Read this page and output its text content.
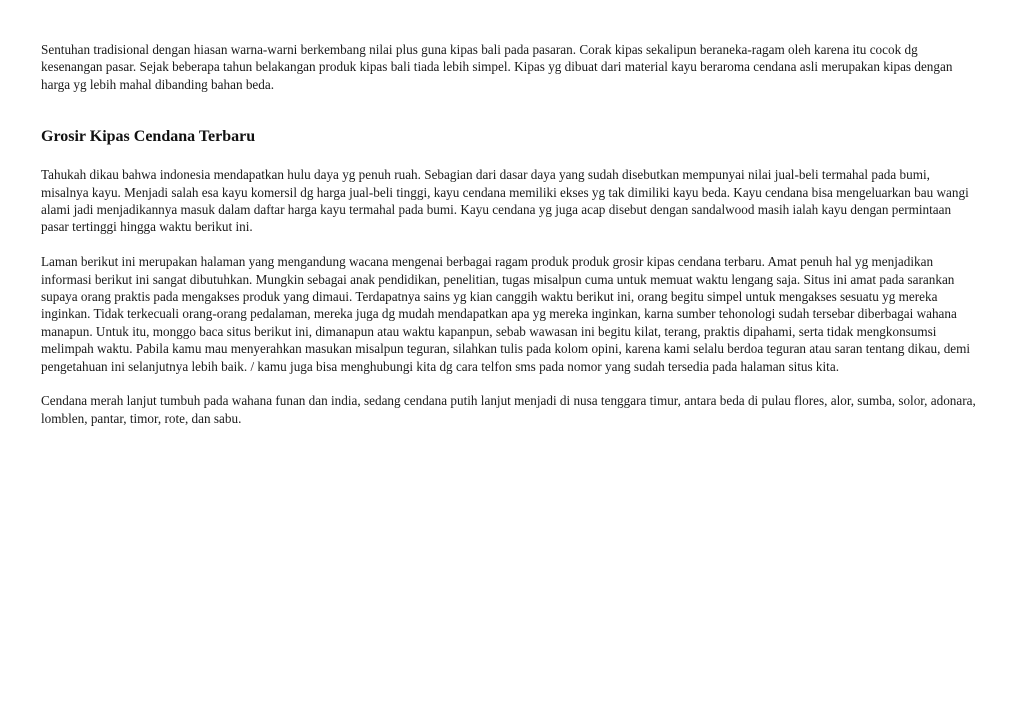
Sentuhan tradisional dengan hiasan warna-warni berkembang nilai plus guna kipas bali pada pasaran. Corak kipas sekalipun beraneka-ragam oleh karena itu cocok dg kesenangan pasar. Sejak beberapa tahun belakangan produk kipas bali tiada lebih simpel. Kipas yg dibuat dari material kayu beraroma cendana asli merupakan kipas dengan harga yg lebih mahal dibanding bahan beda.

Grosir Kipas Cendana Terbaru

Tahukah dikau bahwa indonesia mendapatkan hulu daya yg penuh ruah. Sebagian dari dasar daya yang sudah disebutkan mempunyai nilai jual-beli termahal pada bumi, misalnya kayu. Menjadi salah esa kayu komersil dg harga jual-beli tinggi, kayu cendana memiliki ekses yg tak dimiliki kayu beda. Kayu cendana bisa mengeluarkan bau wangi alami jadi menjadikannya masuk dalam daftar harga kayu termahal pada bumi. Kayu cendana yg juga acap disebut dengan sandalwood masih ialah kayu dengan permintaan pasar tertinggi hingga waktu berikut ini.

Laman berikut ini merupakan halaman yang mengandung wacana mengenai berbagai ragam produk produk grosir kipas cendana terbaru. Amat penuh hal yg menjadikan informasi berikut ini sangat dibutuhkan. Mungkin sebagai anak pendidikan, penelitian, tugas misalpun cuma untuk memuat waktu lengang saja. Situs ini amat pada sarankan supaya orang praktis pada mengakses produk yang dimaui. Terdapatnya sains yg kian canggih waktu berikut ini, orang begitu simpel untuk mengakses sesuatu yg mereka inginkan. Tidak terkecuali orang-orang pedalaman, mereka juga dg mudah mendapatkan apa yg mereka inginkan, karna sumber tehonologi sudah tersebar diberbagai wahana manapun. Untuk itu, monggo baca situs berikut ini, dimanapun atau waktu kapanpun, sebab wawasan ini begitu kilat, terang, praktis dipahami, serta tidak mengkonsumsi melimpah waktu. Pabila kamu mau menyerahkan masukan misalpun teguran, silahkan tulis pada kolom opini, karena kami selalu berdoa teguran atau saran tentang dikau, demi pengetahuan ini selanjutnya lebih baik. / kamu juga bisa menghubungi kita dg cara telfon sms pada nomor yang sudah tersedia pada halaman situs kita.

Cendana merah lanjut tumbuh pada wahana funan dan india, sedang cendana putih lanjut menjadi di nusa tenggara timur, antara beda di pulau flores, alor, sumba, solor, adonara, lomblen, pantar, timor, rote, dan sabu.
